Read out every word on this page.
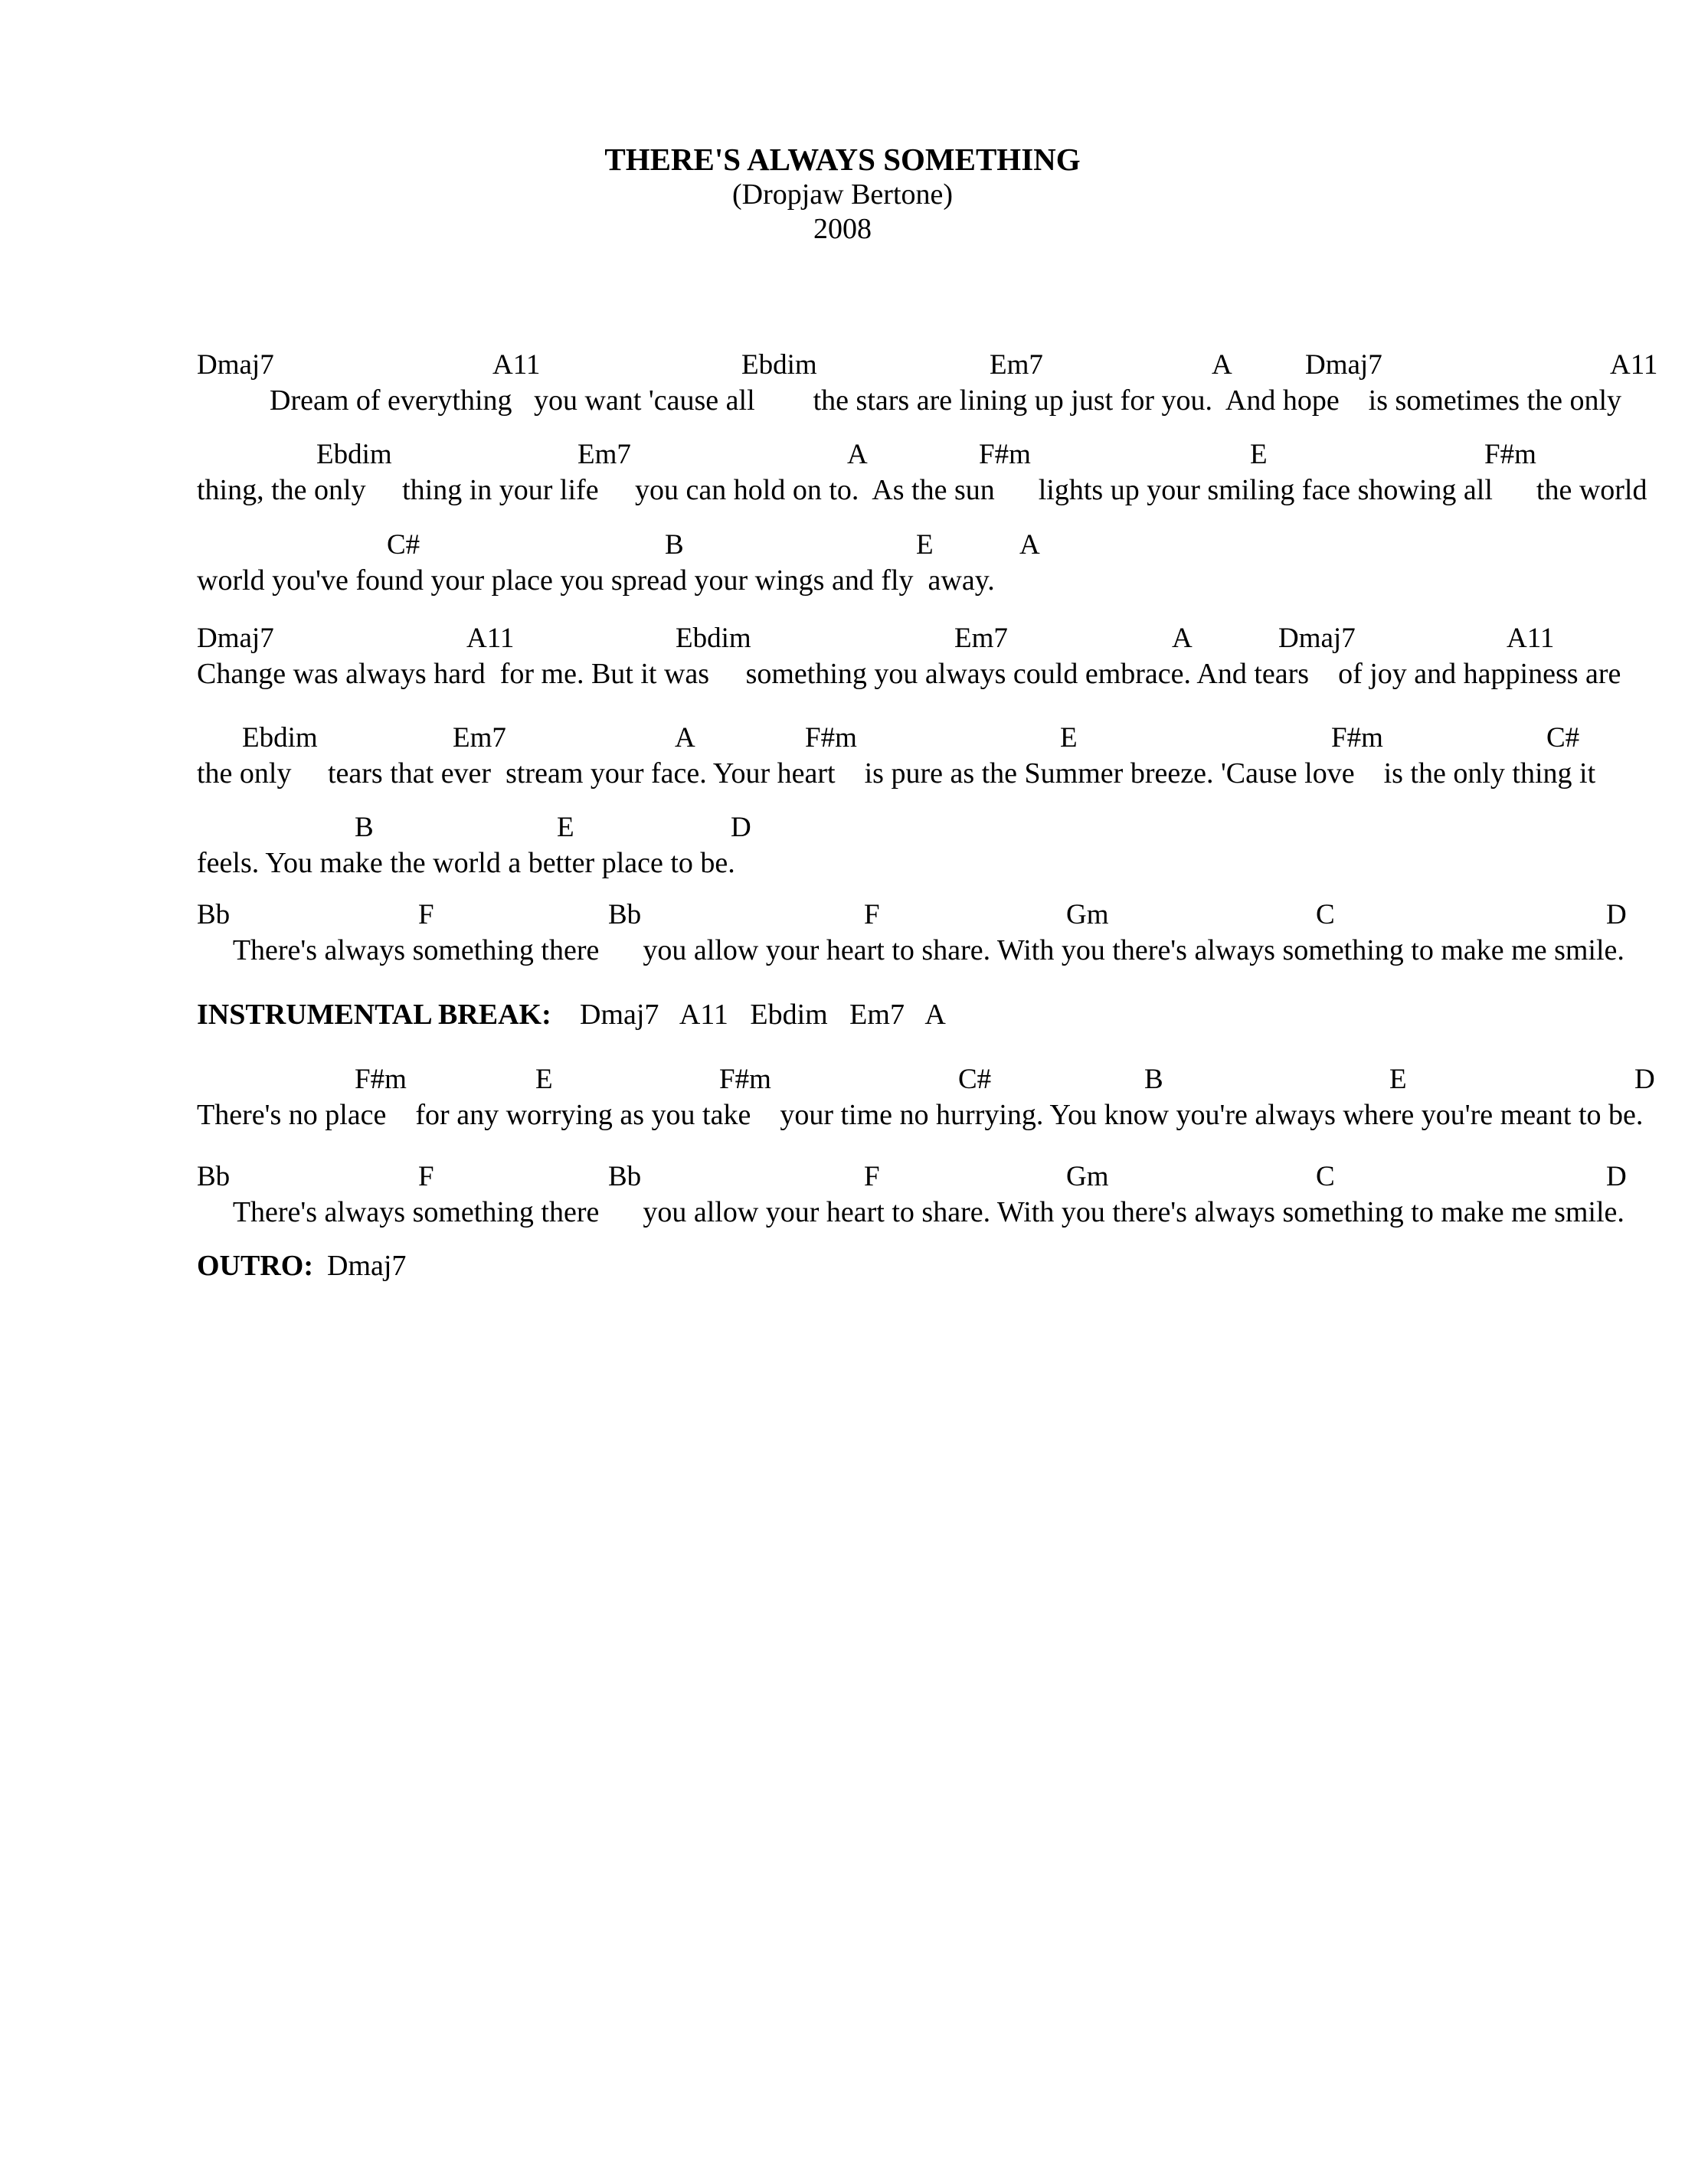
THERE'S ALWAYS SOMETHING
(Dropjaw Bertone)
2008
Dmaj7	A11	Ebdim	Em7	A	Dmaj7	A11
Dream of everything   you want 'cause all        the stars are lining up just for you.  And hope    is sometimes the only
Ebdim	Em7	A	F#m	E	F#m
thing, the only     thing in your life     you can hold on to.  As the sun      lights up your smiling face showing all      the world
C#	B	E	A
world you've found your place you spread your wings and fly  away.
Dmaj7	A11	Ebdim	Em7	A	Dmaj7	A11
Change was always hard  for me. But it was     something you always could embrace. And tears    of joy and happiness are
Ebdim	Em7	A	F#m	E	F#m	C#
the only     tears that ever  stream your face. Your heart    is pure as the Summer breeze. 'Cause love    is the only thing it
B	E	D
feels. You make the world a better place to be.
Bb	F	Bb	F	Gm	C	D
There's always something there      you allow your heart to share. With you there's always something to make me smile.
INSTRUMENTAL BREAK: Dmaj7   A11   Ebdim   Em7   A
F#m	E	F#m	C#	B	E	D
There's no place    for any worrying as you take    your time no hurrying. You know you're always where you're meant to be.
Bb	F	Bb	F	Gm	C	D
There's always something there      you allow your heart to share. With you there's always something to make me smile.
OUTRO: Dmaj7
